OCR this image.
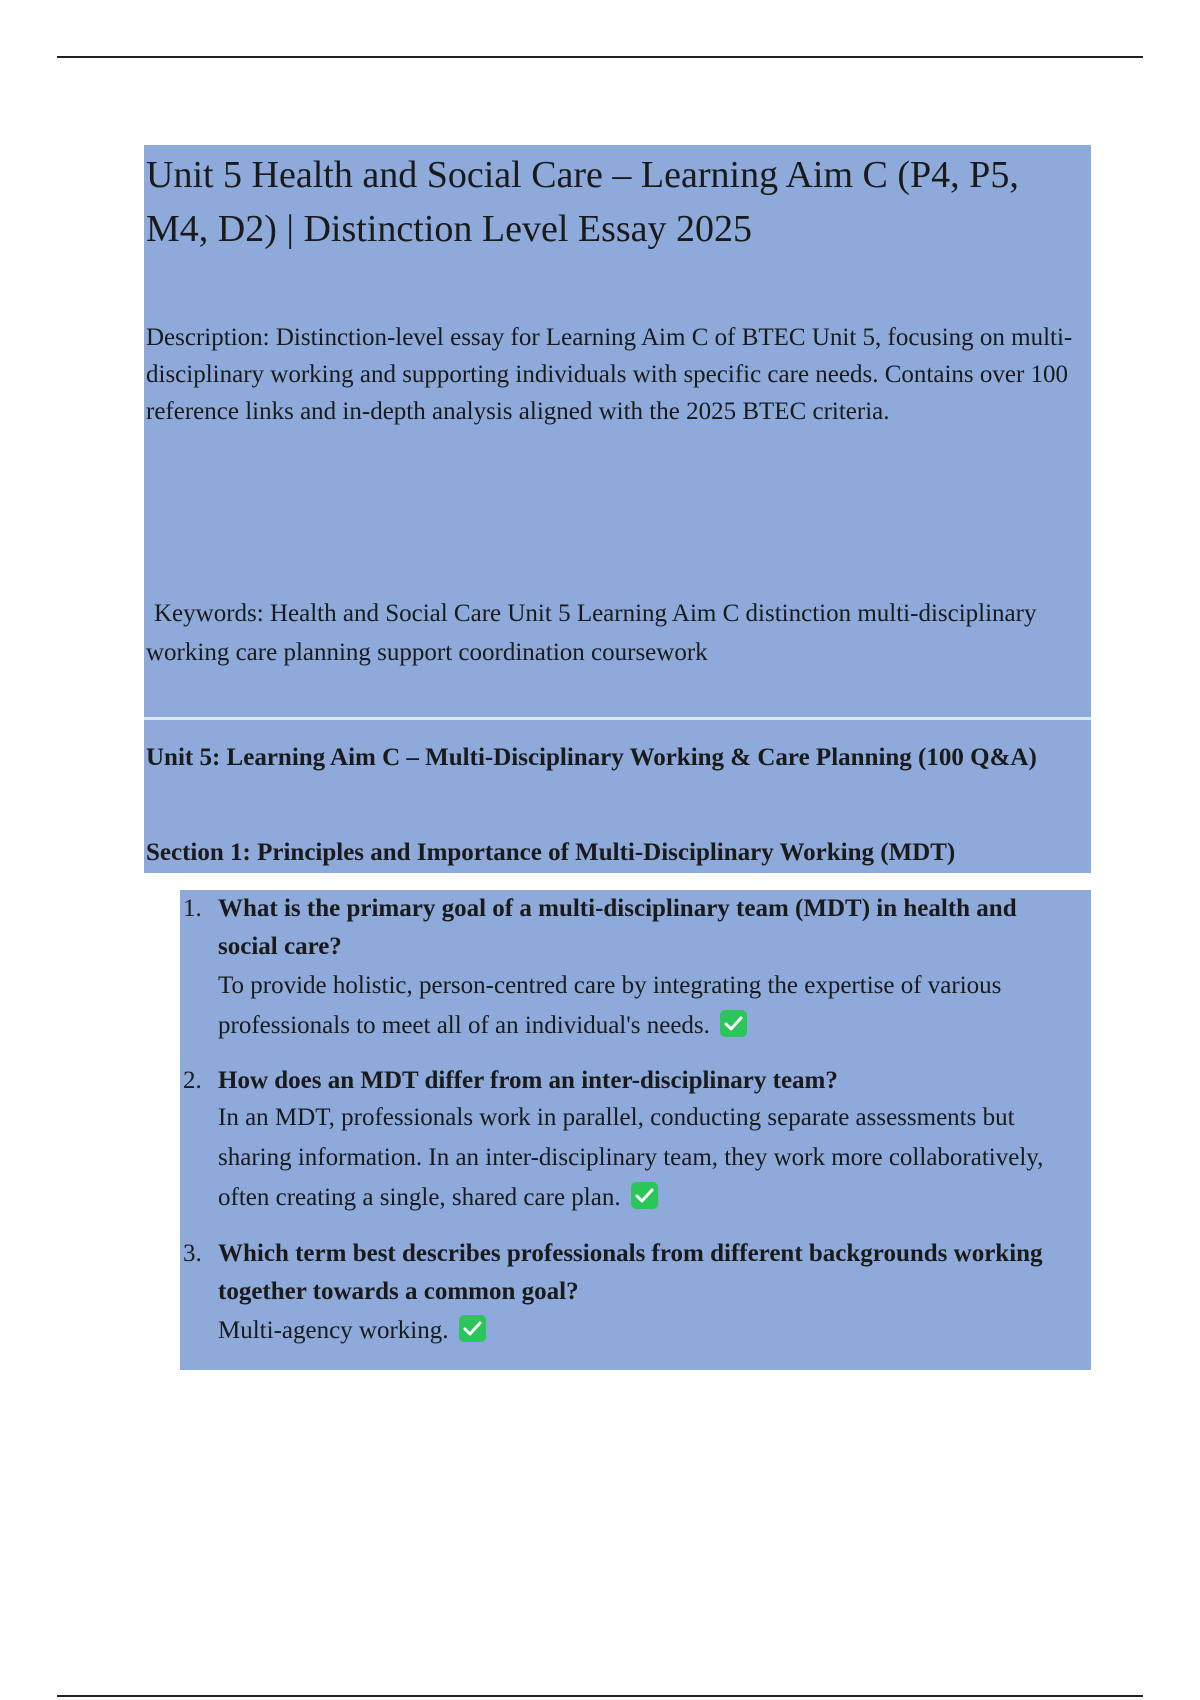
Unit 5 Health and Social Care – Learning Aim C (P4, P5, M4, D2) | Distinction Level Essay 2025

Description: Distinction-level essay for Learning Aim C of BTEC Unit 5, focusing on multi-disciplinary working and supporting individuals with specific care needs. Contains over 100 reference links and in-depth analysis aligned with the 2025 BTEC criteria.

Keywords: Health and Social Care Unit 5 Learning Aim C distinction multi-disciplinary working care planning support coordination coursework

Unit 5: Learning Aim C – Multi-Disciplinary Working & Care Planning (100 Q&A)

Section 1: Principles and Importance of Multi-Disciplinary Working (MDT)

1. What is the primary goal of a multi-disciplinary team (MDT) in health and social care?

To provide holistic, person-centred care by integrating the expertise of various professionals to meet all of an individual's needs.

2. How does an MDT differ from an inter-disciplinary team?

In an MDT, professionals work in parallel, conducting separate assessments but sharing information. In an inter-disciplinary team, they work more collaboratively, often creating a single, shared care plan.

3. Which term best describes professionals from different backgrounds working together towards a common goal?

Multi-agency working.
